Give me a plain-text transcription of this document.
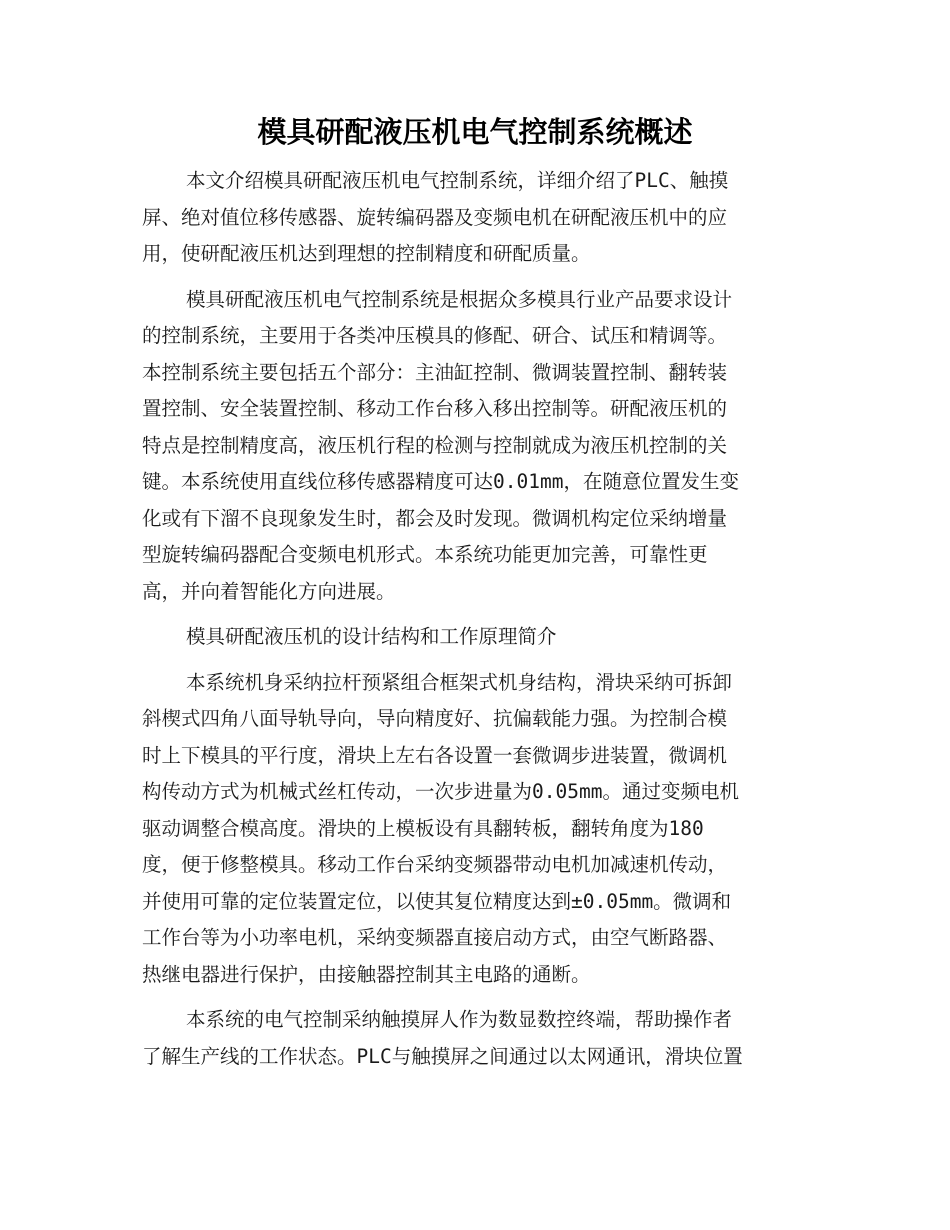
模具研配液压机电气控制系统概述
本文介绍模具研配液压机电气控制系统，详细介绍了PLC、触摸
屏、绝对值位移传感器、旋转编码器及变频电机在研配液压机中的应
用，使研配液压机达到理想的控制精度和研配质量。
模具研配液压机电气控制系统是根据众多模具行业产品要求设计
的控制系统，主要用于各类冲压模具的修配、研合、试压和精调等。
本控制系统主要包括五个部分：主油缸控制、微调装置控制、翻转装
置控制、安全装置控制、移动工作台移入移出控制等。研配液压机的
特点是控制精度高，液压机行程的检测与控制就成为液压机控制的关
键。本系统使用直线位移传感器精度可达0.01mm，在随意位置发生变
化或有下溜不良现象发生时，都会及时发现。微调机构定位采纳增量
型旋转编码器配合变频电机形式。本系统功能更加完善，可靠性更
高，并向着智能化方向进展。
模具研配液压机的设计结构和工作原理简介
本系统机身采纳拉杆预紧组合框架式机身结构，滑块采纳可拆卸
斜楔式四角八面导轨导向，导向精度好、抗偏载能力强。为控制合模
时上下模具的平行度，滑块上左右各设置一套微调步进装置，微调机
构传动方式为机械式丝杠传动，一次步进量为0.05mm。通过变频电机
驱动调整合模高度。滑块的上模板设有具翻转板，翻转角度为180
度，便于修整模具。移动工作台采纳变频器带动电机加减速机传动，
并使用可靠的定位装置定位，以使其复位精度达到±0.05mm。微调和
工作台等为小功率电机，采纳变频器直接启动方式，由空气断路器、
热继电器进行保护，由接触器控制其主电路的通断。
本系统的电气控制采纳触摸屏人作为数显数控终端，帮助操作者
了解生产线的工作状态。PLC与触摸屏之间通过以太网通讯，滑块位置
